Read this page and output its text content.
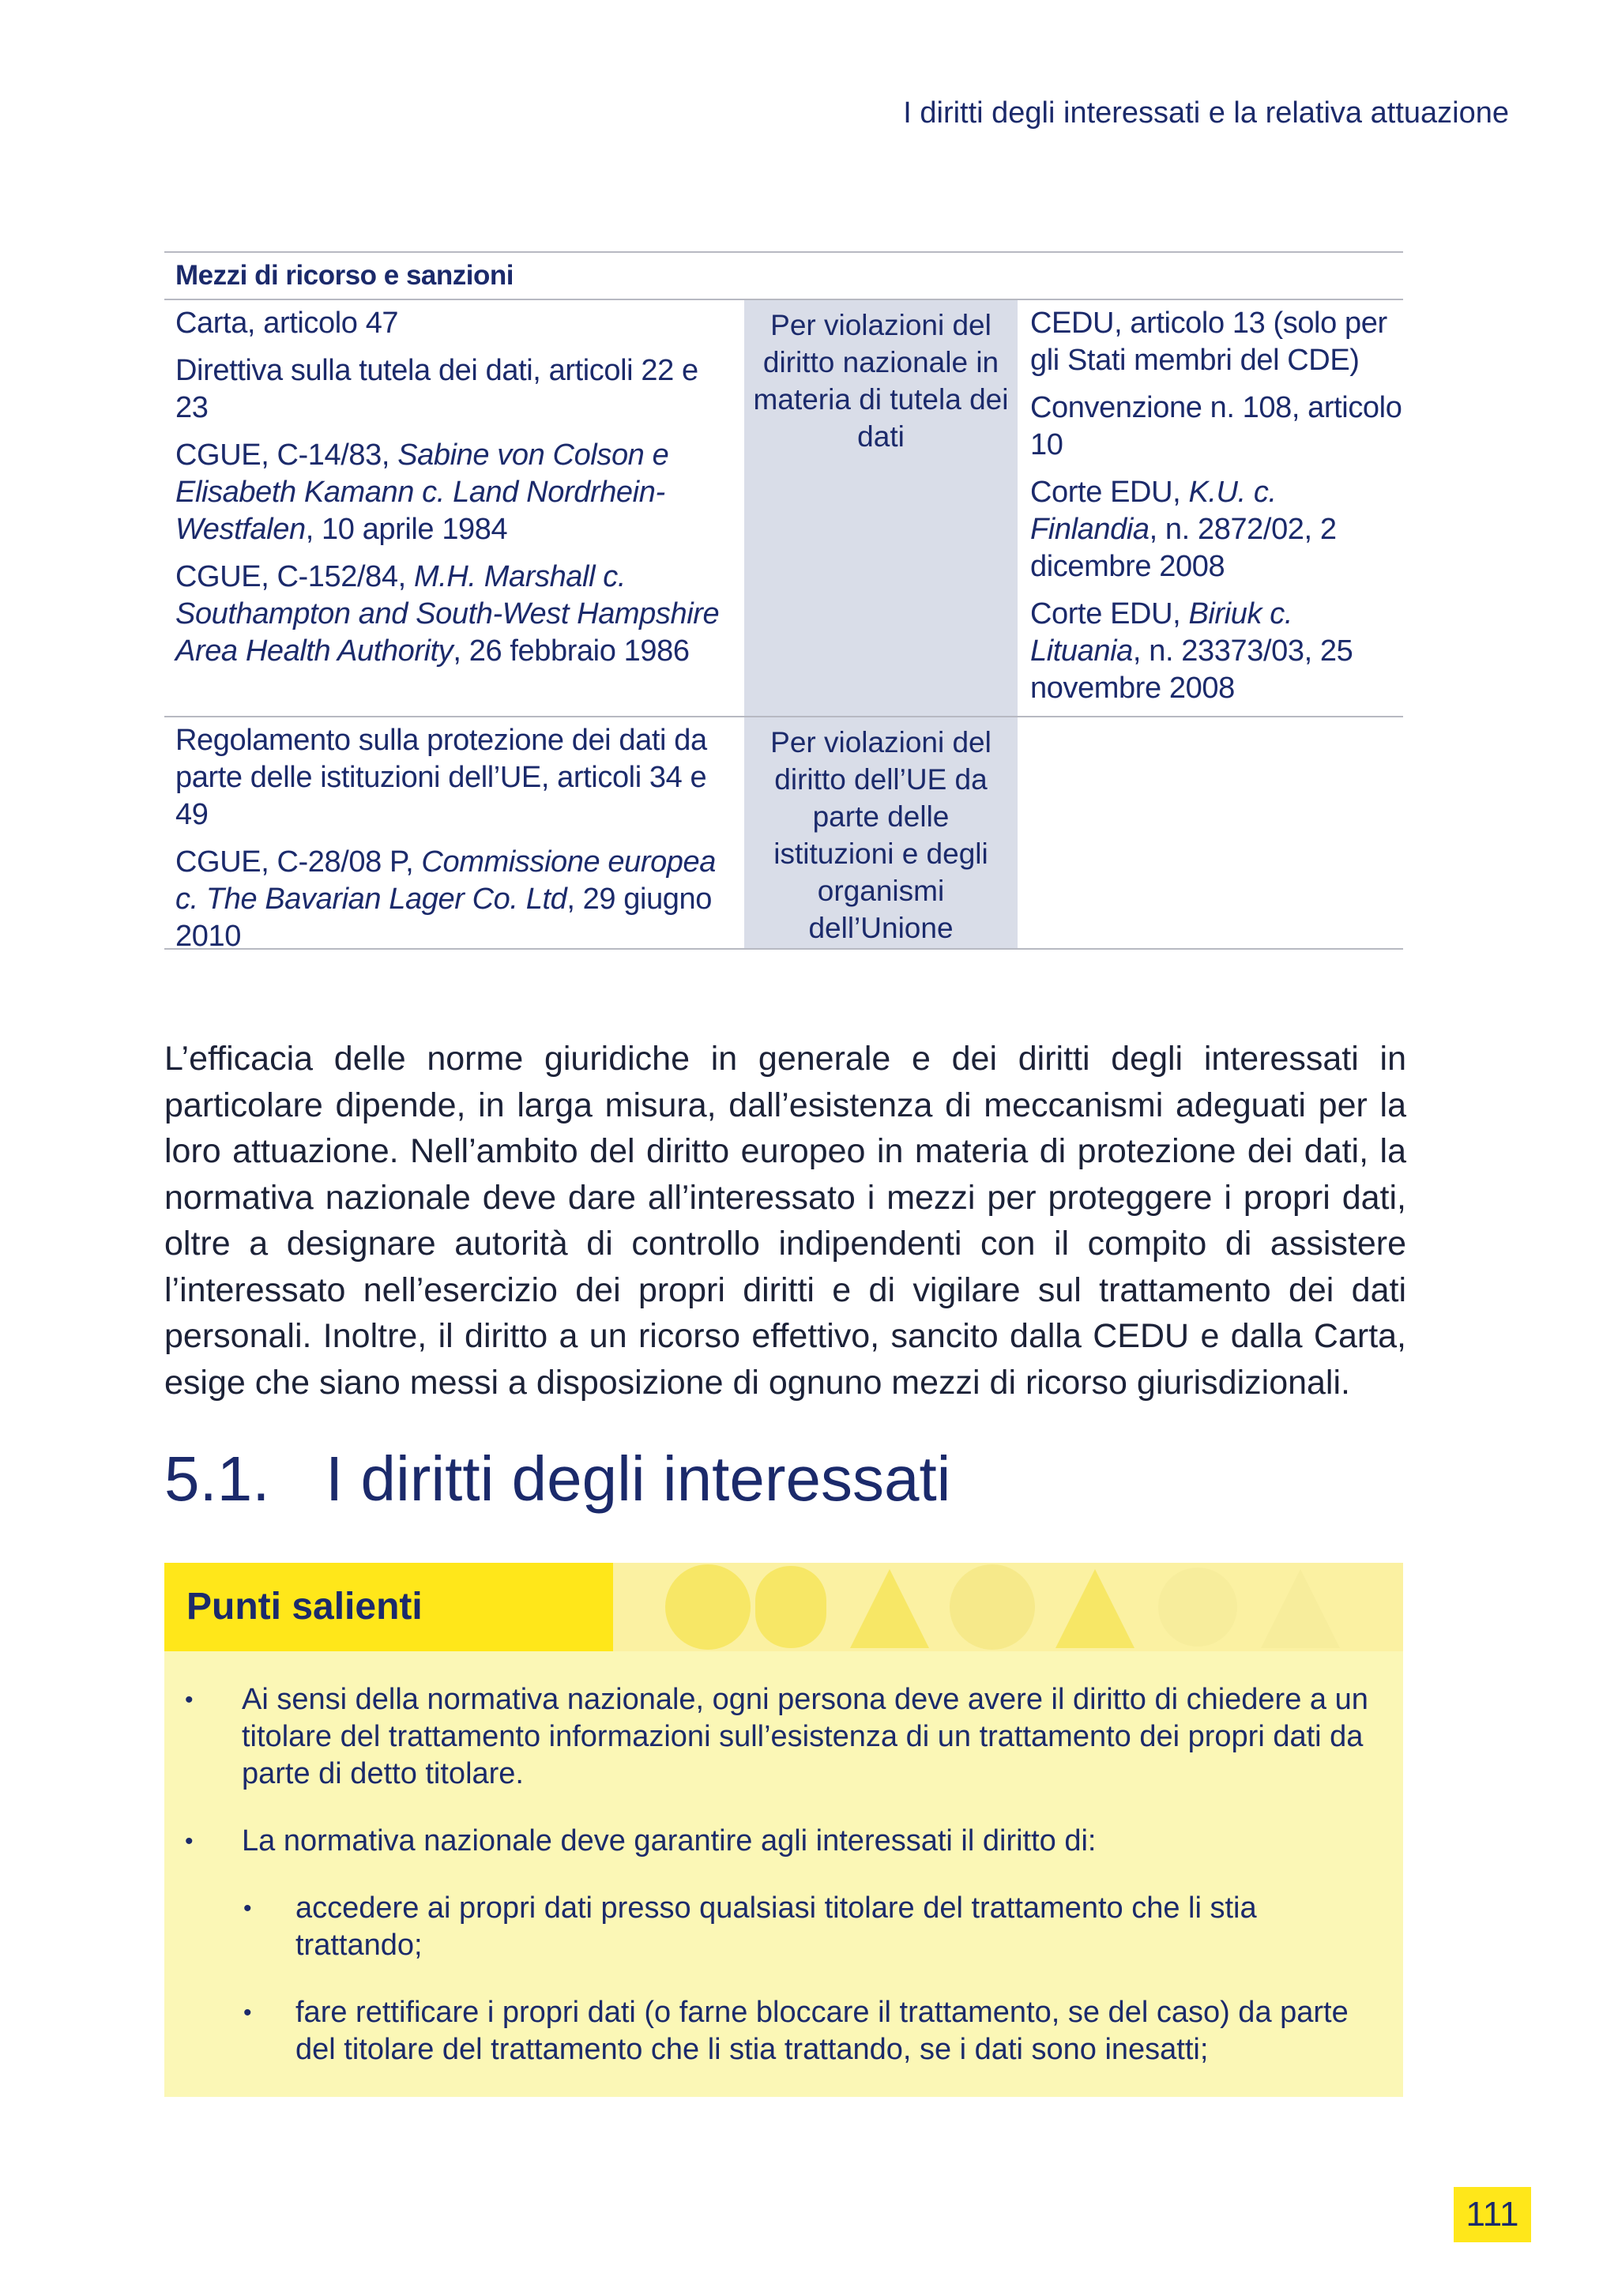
I diritti degli interessati e la relativa attuazione
Mezzi di ricorso e sanzioni
Carta, articolo 47
Direttiva sulla tutela dei dati, articoli 22 e 23
CGUE, C-14/83, Sabine von Colson e Elisabeth Kamann c. Land Nordrhein-Westfalen, 10 aprile 1984
CGUE, C-152/84, M.H. Marshall c. Southampton and South-West Hampshire Area Health Authority, 26 febbraio 1986
Per violazioni del diritto nazionale in materia di tutela dei dati
CEDU, articolo 13 (solo per gli Stati membri del CDE)
Convenzione n. 108, articolo 10
Corte EDU, K.U. c. Finlandia, n. 2872/02, 2 dicembre 2008
Corte EDU, Biriuk c. Lituania, n. 23373/03, 25 novembre 2008
Regolamento sulla protezione dei dati da parte delle istituzioni dell’UE, articoli 34 e 49
CGUE, C-28/08 P, Commissione europea c. The Bavarian Lager Co. Ltd, 29 giugno 2010
Per violazioni del diritto dell’UE da parte delle istituzioni e degli organismi dell’Unione

L’efficacia delle norme giuridiche in generale e dei diritti degli interessati in particolare dipende, in larga misura, dall’esistenza di meccanismi adeguati per la loro attuazione. Nell’ambito del diritto europeo in materia di protezione dei dati, la normativa nazionale deve dare all’interessato i mezzi per proteggere i propri dati, oltre a designare autorità di controllo indipendenti con il compito di assistere l’interessato nell’esercizio dei propri diritti e di vigilare sul trattamento dei dati personali. Inoltre, il diritto a un ricorso effettivo, sancito dalla CEDU e dalla Carta, esige che siano messi a disposizione di ognuno mezzi di ricorso giurisdizionali.

5.1. I diritti degli interessati
Punti salienti
• Ai sensi della normativa nazionale, ogni persona deve avere il diritto di chiedere a un titolare del trattamento informazioni sull’esistenza di un trattamento dei propri dati da parte di detto titolare.
• La normativa nazionale deve garantire agli interessati il diritto di:
• accedere ai propri dati presso qualsiasi titolare del trattamento che li stia trattando;
• fare rettificare i propri dati (o farne bloccare il trattamento, se del caso) da parte del titolare del trattamento che li stia trattando, se i dati sono inesatti;
111
